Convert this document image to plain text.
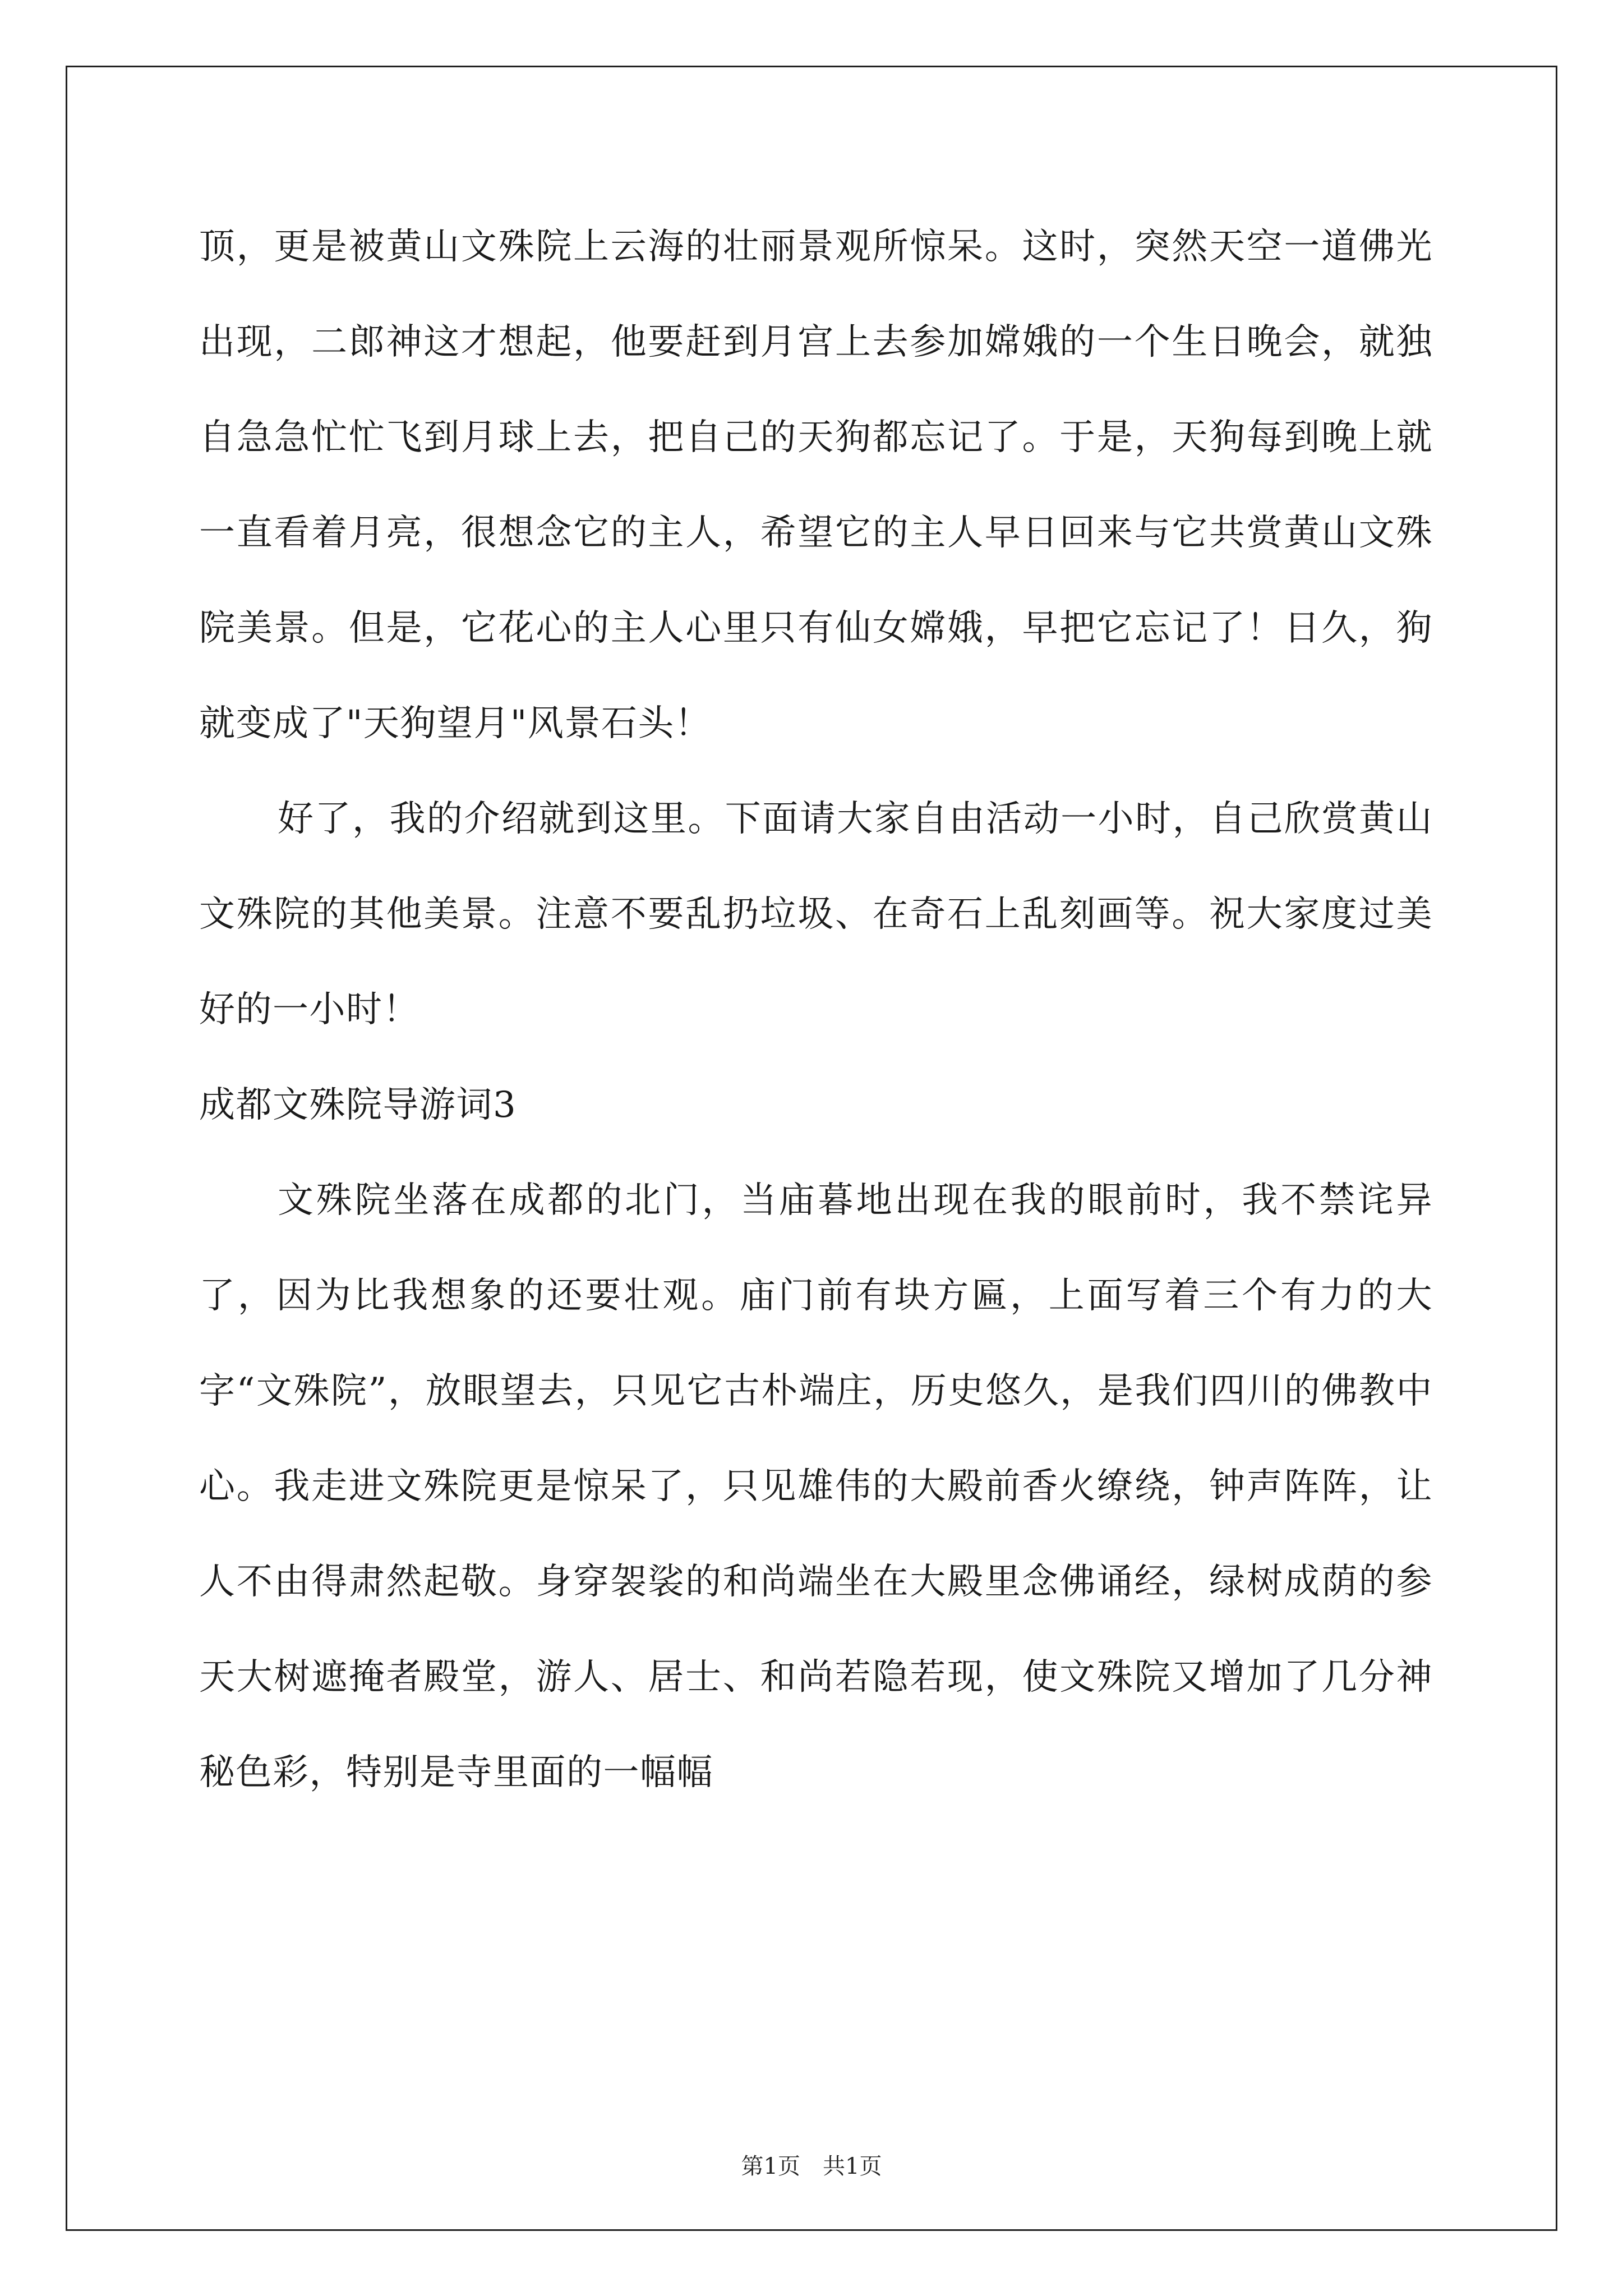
顶，更是被黄山文殊院上云海的壮丽景观所惊呆。这时，突然天空一道佛光出现，二郎神这才想起，他要赶到月宫上去参加嫦娥的一个生日晚会，就独自急急忙忙飞到月球上去，把自己的天狗都忘记了。于是，天狗每到晚上就一直看着月亮，很想念它的主人，希望它的主人早日回来与它共赏黄山文殊院美景。但是，它花心的主人心里只有仙女嫦娥，早把它忘记了！日久，狗就变成了"天狗望月"风景石头！

好了，我的介绍就到这里。下面请大家自由活动一小时，自己欣赏黄山文殊院的其他美景。注意不要乱扔垃圾、在奇石上乱刻画等。祝大家度过美好的一小时！

成都文殊院导游词3

文殊院坐落在成都的北门，当庙暮地出现在我的眼前时，我不禁诧异了，因为比我想象的还要壮观。庙门前有块方匾，上面写着三个有力的大字“文殊院”，放眼望去，只见它古朴端庄，历史悠久，是我们四川的佛教中心。我走进文殊院更是惊呆了，只见雄伟的大殿前香火缭绕，钟声阵阵，让人不由得肃然起敬。身穿袈裟的和尚端坐在大殿里念佛诵经，绿树成荫的参天大树遮掩者殿堂，游人、居士、和尚若隐若现，使文殊院又增加了几分神秘色彩，特别是寺里面的一幅幅

第1页 共1页
